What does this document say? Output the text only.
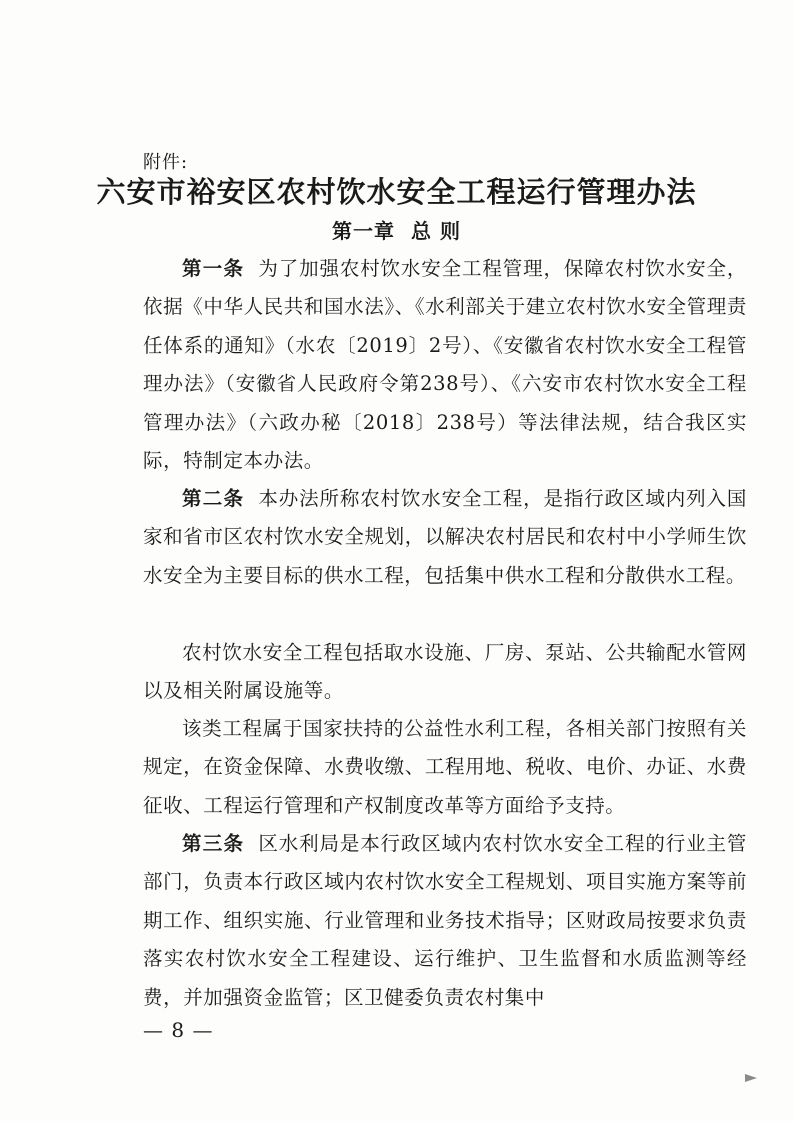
附件:
六安市裕安区农村饮水安全工程运行管理办法
第一章 总 则

第一条 为了加强农村饮水安全工程管理，保障农村饮水安全，依据《中华人民共和国水法》、《水利部关于建立农村饮水安全管理责任体系的通知》（水农〔2019〕2号）、《安徽省农村饮水安全工程管理办法》（安徽省人民政府令第238号）、《六安市农村饮水安全工程管理办法》（六政办秘〔2018〕238号）等法律法规，结合我区实际，特制定本办法。

第二条 本办法所称农村饮水安全工程，是指行政区域内列入国家和省市区农村饮水安全规划，以解决农村居民和农村中小学师生饮水安全为主要目标的供水工程，包括集中供水工程和分散供水工程。

农村饮水安全工程包括取水设施、厂房、泵站、公共输配水管网以及相关附属设施等。

该类工程属于国家扶持的公益性水利工程，各相关部门按照有关规定，在资金保障、水费收缴、工程用地、税收、电价、办证、水费征收、工程运行管理和产权制度改革等方面给予支持。

第三条 区水利局是本行政区域内农村饮水安全工程的行业主管部门，负责本行政区域内农村饮水安全工程规划、项目实施方案等前期工作、组织实施、行业管理和业务技术指导；区财政局按要求负责落实农村饮水安全工程建设、运行维护、卫生监督和水质监测等经费，并加强资金监管；区卫健委负责农村集中

— 8 —
